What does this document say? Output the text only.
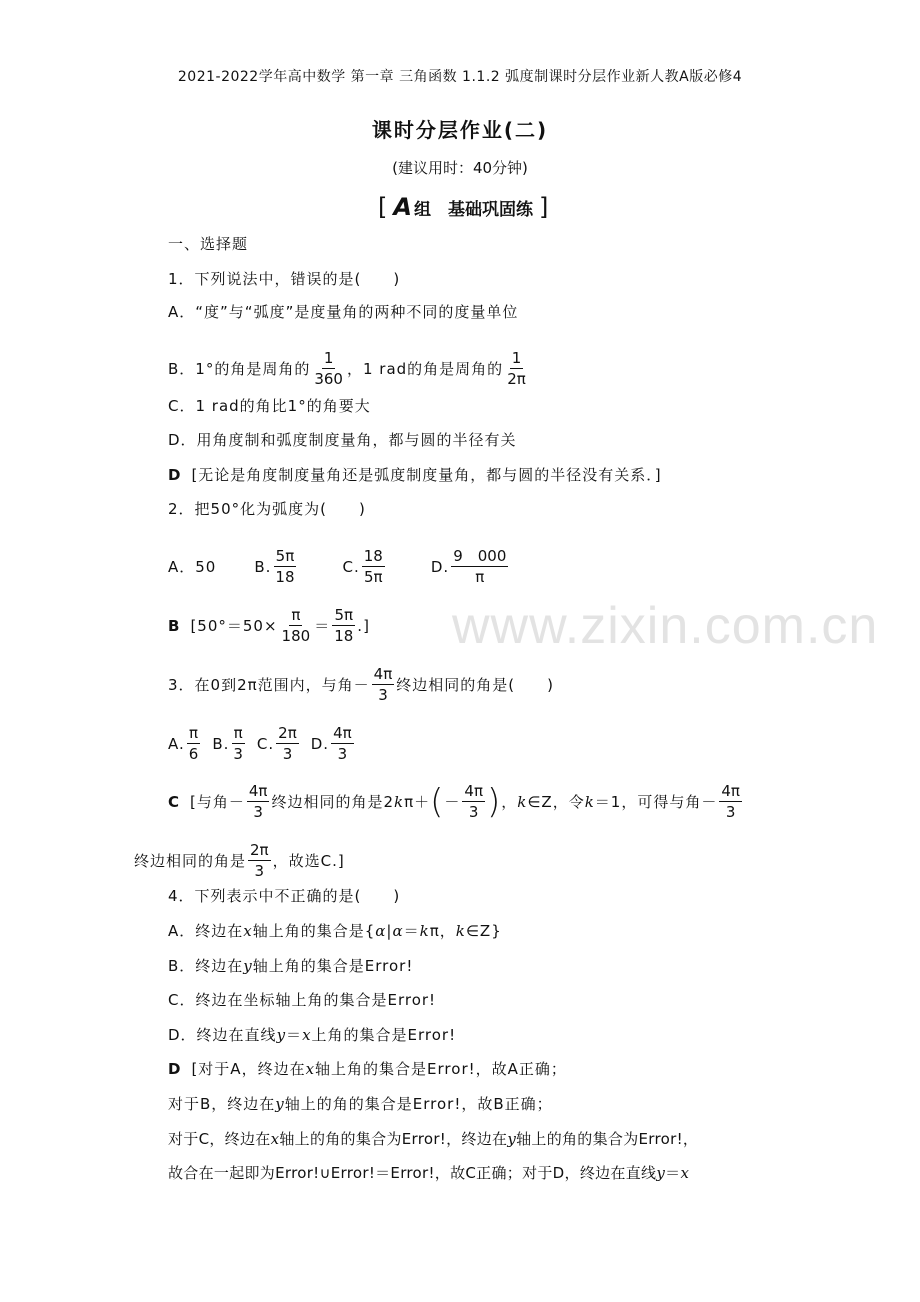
2021-2022学年高中数学 第一章 三角函数 1.1.2 弧度制课时分层作业新人教A版必修4
课时分层作业(二)
(建议用时：40分钟)
[ A 组　基础巩固练 ]
www.zixin.com.cn
一、选择题
1．下列说法中，错误的是(　　)
A．“度”与“弧度”是度量角的两种不同的度量单位
B．1°的角是周角的 $\frac{1}{360}$ ，1 rad的角是周角的 $\frac{1}{2\pi}$
C．1 rad的角比1°的角要大
D．用角度制和弧度制度量角，都与圆的半径有关
D [无论是角度制度量角还是弧度制度量角，都与圆的半径没有关系．]
2．把50°化为弧度为(　　)
A．50	B. $\frac{5\pi}{18}$	C. $\frac{18}{5\pi}$	D. $\frac{9 000}{\pi}$
B [$50^\circ=50\times \frac{\pi}{180} = \frac{5\pi}{18}$ .]
3．在0到2π范围内，与角－ $\frac{4\pi}{3}$ 终边相同的角是(　　)
A. $\frac{\pi}{6} B$. $\frac{\pi}{3} C$. $\frac{2\pi}{3} D$. $\frac{4\pi}{3}$
C [与角－ $\frac{4\pi}{3}$ 终边相同的角是2 k π＋ ( － $\frac{4\pi}{3}$ ) ， k ∈Z，令 k ＝1，可得与角－ $\frac{4\pi}{3}$
终边相同的角是 $\frac{2\pi}{3}$ ，故选C.]
4．下列表示中不正确的是(　　)
A．终边在 x 轴上角的集合是{ α | α ＝ k π， k ∈Z}
B．终边在 y 轴上角的集合是Error!
C．终边在坐标轴上角的集合是Error!
D．终边在直线 y ＝ x 上角的集合是Error!
D [对于A，终边在 x 轴上角的集合是Error!，故A正确；
对于B，终边在 y 轴上的角的集合是Error!，故B正确；
对于C，终边在 x 轴上的角的集合为Error!，终边在 y 轴上的角的集合为Error!，
故合在一起即为Error!∪Error!＝Error!，故C正确；对于D，终边在直线 y ＝ x
